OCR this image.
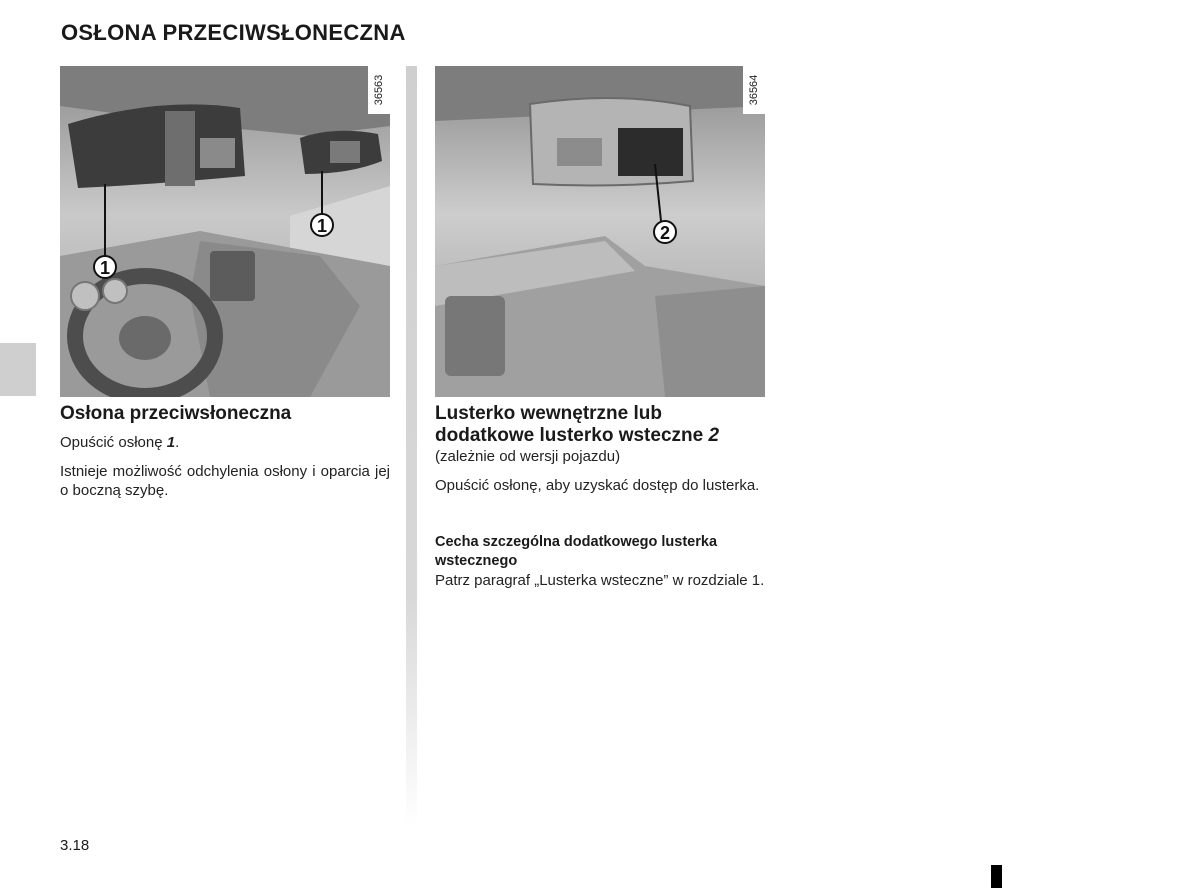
OSŁONA PRZECIWSŁONECZNA
1
1
36563
2
36564
Osłona przeciwsłoneczna
Opuścić osłonę 1.
Istnieje możliwość odchylenia osłony i oparcia jej o boczną szybę.
Lusterko wewnętrzne lub dodatkowe lusterko wsteczne 2
(zależnie od wersji pojazdu)
Opuścić osłonę, aby uzyskać dostęp do lusterka.
Cecha szczególna dodatkowego lusterka wstecznego
Patrz paragraf „Lusterka wsteczne” w rozdziale 1.
3.18
